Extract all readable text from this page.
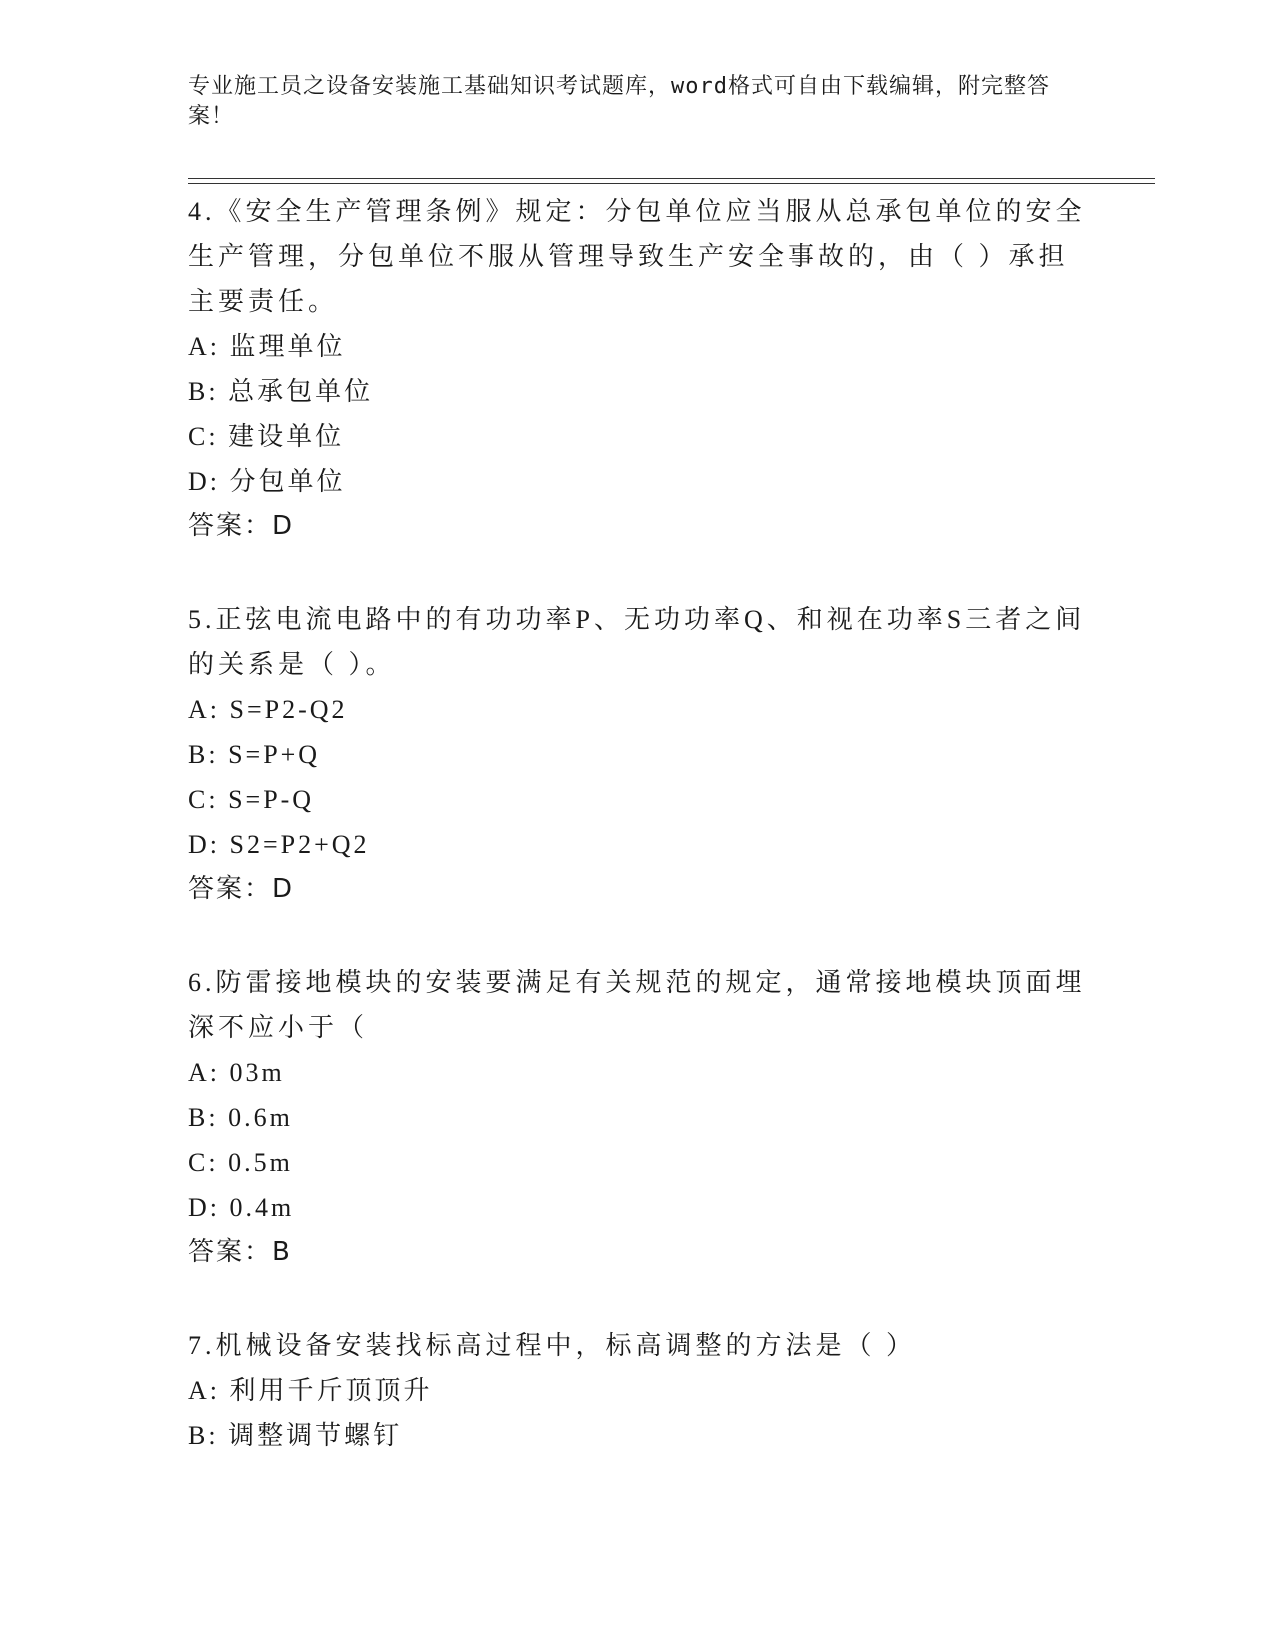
专业施工员之设备安装施工基础知识考试题库，word格式可自由下载编辑，附完整答案！

4.《安全生产管理条例》规定：分包单位应当服从总承包单位的安全生产管理，分包单位不服从管理导致生产安全事故的，由（ ）承担主要责任。

A: 监理单位

B: 总承包单位

C: 建设单位

D: 分包单位

答案：D

5.正弦电流电路中的有功功率P、无功功率Q、和视在功率S三者之间的关系是（ ）。

A: S=P2-Q2

B: S=P+Q

C: S=P-Q

D: S2=P2+Q2

答案：D

6.防雷接地模块的安装要满足有关规范的规定，通常接地模块顶面埋深不应小于（

A: 03m

B: 0.6m

C: 0.5m

D: 0.4m

答案：B

7.机械设备安装找标高过程中，标高调整的方法是（ ）

A: 利用千斤顶顶升

B: 调整调节螺钉
